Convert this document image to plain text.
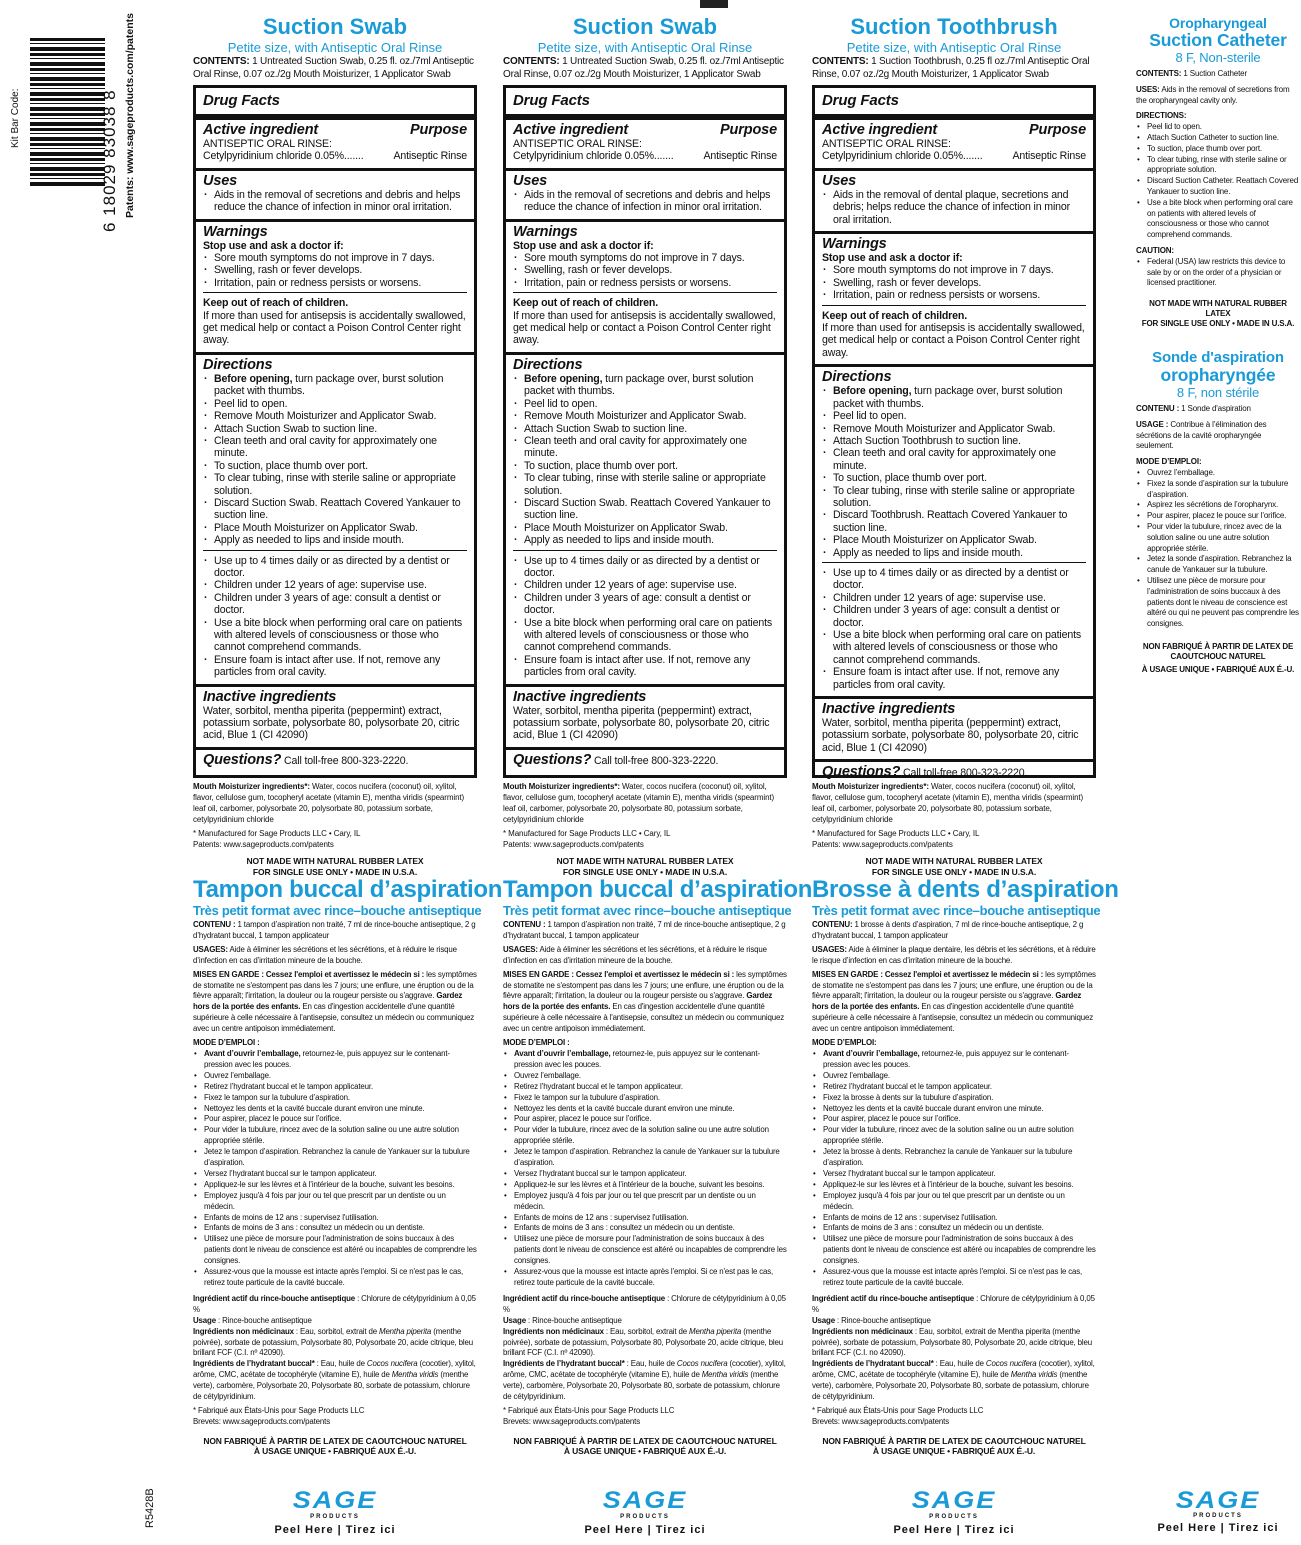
Kit Bar Code:	6 18029 83038 8 Patents: www.sageproducts.com/patents
R5428B
Suction Swab
Petite size, with Antiseptic Oral Rinse
CONTENTS: 1 Untreated Suction Swab, 0.25 fl. oz./7ml Antiseptic Oral Rinse, 0.07 oz./2g Mouth Moisturizer, 1 Applicator Swab
Drug Facts
Active ingredient	Purpose
ANTISEPTIC ORAL RINSE:
Cetylpyridinium chloride 0.05%.......	Antiseptic Rinse
Uses
· Aids in the removal of secretions and debris and helps reduce the chance of infection in minor oral irritation.
Warnings
Stop use and ask a doctor if:
· Sore mouth symptoms do not improve in 7 days.
· Swelling, rash or fever develops.
· Irritation, pain or redness persists or worsens.
Keep out of reach of children.
If more than used for antisepsis is accidentally swallowed, get medical help or contact a Poison Control Center right away.
Directions
· Before opening, turn package over, burst solution packet with thumbs.
· Peel lid to open.
· Remove Mouth Moisturizer and Applicator Swab.
· Attach Suction Swab to suction line.
· Clean teeth and oral cavity for approximately one minute.
· To suction, place thumb over port.
· To clear tubing, rinse with sterile saline or appropriate solution.
· Discard Suction Swab. Reattach Covered Yankauer to suction line.
· Place Mouth Moisturizer on Applicator Swab.
· Apply as needed to lips and inside mouth.
· Use up to 4 times daily or as directed by a dentist or doctor.
· Children under 12 years of age: supervise use.
· Children under 3 years of age: consult a dentist or doctor.
· Use a bite block when performing oral care on patients with altered levels of consciousness or those who cannot comprehend commands.
· Ensure foam is intact after use. If not, remove any particles from oral cavity.
Inactive ingredients
Water, sorbitol, mentha piperita (peppermint) extract, potassium sorbate, polysorbate 80, polysorbate 20, citric acid, Blue 1 (CI 42090)
Questions? Call toll-free 800-323-2220.
Mouth Moisturizer ingredients*: Water, cocos nucifera (coconut) oil, xylitol, flavor, cellulose gum, tocopheryl acetate (vitamin E), mentha viridis (spearmint) leaf oil, carbomer, polysorbate 20, polysorbate 80, potassium sorbate, cetylpyridinium chloride
* Manufactured for Sage Products LLC • Cary, IL
Patents: www.sageproducts.com/patents
NOT MADE WITH NATURAL RUBBER LATEX
FOR SINGLE USE ONLY • MADE IN U.S.A.
Tampon buccal d’aspiration
Très petit format avec rince–bouche antiseptique

CONTENU : 1 tampon d’aspiration non traité, 7 ml de rince-bouche antiseptique, 2 g d’hydratant buccal, 1 tampon applicateur

USAGES: Aide à éliminer les sécrétions et les sécrétions, et à réduire le risque d’infection en cas d’irritation mineure de la bouche.

MISES EN GARDE : Cessez l'emploi et avertissez le médecin si : les symptômes de stomatite ne s'estompent pas dans les 7 jours; une enflure, une éruption ou de la fièvre apparaît; l'irritation, la douleur ou la rougeur persiste ou s'aggrave. Gardez hors de la portée des enfants. En cas d'ingestion accidentelle d'une quantité supérieure à celle nécessaire à l'antisepsie, consultez un médecin ou communiquez avec un centre antipoison immédiatement.

MODE D’EMPLOI :
• Avant d’ouvrir l’emballage, retournez-le, puis appuyez sur le contenant-pression avec les pouces.
• Ouvrez l’emballage.
• Retirez l’hydratant buccal et le tampon applicateur.
• Fixez le tampon sur la tubulure d’aspiration.
• Nettoyez les dents et la cavité buccale durant environ une minute.
• Pour aspirer, placez le pouce sur l’orifice.
• Pour vider la tubulure, rincez avec de la solution saline ou une autre solution appropriée stérile.
• Jetez le tampon d’aspiration. Rebranchez la canule de Yankauer sur la tubulure d’aspiration.
• Versez l’hydratant buccal sur le tampon applicateur.
• Appliquez-le sur les lèvres et à l’intérieur de la bouche, suivant les besoins.
• Employez jusqu'à 4 fois par jour ou tel que prescrit par un dentiste ou un médecin.
• Enfants de moins de 12 ans : supervisez l'utilisation.
• Enfants de moins de 3 ans : consultez un médecin ou un dentiste.
• Utilisez une pièce de morsure pour l'administration de soins buccaux à des patients dont le niveau de conscience est altéré ou incapables de comprendre les consignes.
• Assurez-vous que la mousse est intacte après l’emploi. Si ce n'est pas le cas, retirez toute particule de la cavité buccale.
Ingrédient actif du rince-bouche antiseptique : Chlorure de cétylpyridinium à 0,05 %
Usage : Rince-bouche antiseptique
Ingrédients non médicinaux : Eau, sorbitol, extrait de Mentha piperita (menthe poivrée), sorbate de potassium, Polysorbate 80, Polysorbate 20, acide citrique, bleu brillant FCF (C.I. nº 42090).

Ingrédients de l’hydratant buccal* : Eau, huile de Cocos nucifera (cocotier), xylitol, arôme, CMC, acétate de tocophéryle (vitamine E), huile de Mentha viridis (menthe verte), carbomère, Polysorbate 20, Polysorbate 80, sorbate de potassium, chlorure de cétylpyridinium.

* Fabriqué aux États-Unis pour Sage Products LLC
Brevets: www.sageproducts.com/patents
NON FABRIQUÉ À PARTIR DE LATEX DE CAOUTCHOUC NATUREL
À USAGE UNIQUE • FABRIQUÉ AUX É.-U.
SAGE
PRODUCTS
Peel Here | Tirez ici
Suction Swab
Petite size, with Antiseptic Oral Rinse
CONTENTS: 1 Untreated Suction Swab, 0.25 fl. oz./7ml Antiseptic Oral Rinse, 0.07 oz./2g Mouth Moisturizer, 1 Applicator Swab
Drug Facts
Active ingredient	Purpose
ANTISEPTIC ORAL RINSE:
Cetylpyridinium chloride 0.05%.......	Antiseptic Rinse
Uses
· Aids in the removal of secretions and debris and helps reduce the chance of infection in minor oral irritation.
Warnings
Stop use and ask a doctor if:
· Sore mouth symptoms do not improve in 7 days.
· Swelling, rash or fever develops.
· Irritation, pain or redness persists or worsens.
Keep out of reach of children.
If more than used for antisepsis is accidentally swallowed, get medical help or contact a Poison Control Center right away.
Directions
· Before opening, turn package over, burst solution packet with thumbs.
· Peel lid to open.
· Remove Mouth Moisturizer and Applicator Swab.
· Attach Suction Swab to suction line.
· Clean teeth and oral cavity for approximately one minute.
· To suction, place thumb over port.
· To clear tubing, rinse with sterile saline or appropriate solution.
· Discard Suction Swab. Reattach Covered Yankauer to suction line.
· Place Mouth Moisturizer on Applicator Swab.
· Apply as needed to lips and inside mouth.
· Use up to 4 times daily or as directed by a dentist or doctor.
· Children under 12 years of age: supervise use.
· Children under 3 years of age: consult a dentist or doctor.
· Use a bite block when performing oral care on patients with altered levels of consciousness or those who cannot comprehend commands.
· Ensure foam is intact after use. If not, remove any particles from oral cavity.
Inactive ingredients
Water, sorbitol, mentha piperita (peppermint) extract, potassium sorbate, polysorbate 80, polysorbate 20, citric acid, Blue 1 (CI 42090)
Questions? Call toll-free 800-323-2220.
Mouth Moisturizer ingredients*: Water, cocos nucifera (coconut) oil, xylitol, flavor, cellulose gum, tocopheryl acetate (vitamin E), mentha viridis (spearmint) leaf oil, carbomer, polysorbate 20, polysorbate 80, potassium sorbate, cetylpyridinium chloride
* Manufactured for Sage Products LLC • Cary, IL
Patents: www.sageproducts.com/patents
NOT MADE WITH NATURAL RUBBER LATEX
FOR SINGLE USE ONLY • MADE IN U.S.A.
Tampon buccal d’aspiration
Très petit format avec rince–bouche antiseptique

CONTENU : 1 tampon d’aspiration non traité, 7 ml de rince-bouche antiseptique, 2 g d’hydratant buccal, 1 tampon applicateur

USAGES: Aide à éliminer les sécrétions et les sécrétions, et à réduire le risque d’infection en cas d’irritation mineure de la bouche.

MISES EN GARDE : Cessez l'emploi et avertissez le médecin si : les symptômes de stomatite ne s'estompent pas dans les 7 jours; une enflure, une éruption ou de la fièvre apparaît; l'irritation, la douleur ou la rougeur persiste ou s'aggrave. Gardez hors de la portée des enfants. En cas d'ingestion accidentelle d'une quantité supérieure à celle nécessaire à l'antisepsie, consultez un médecin ou communiquez avec un centre antipoison immédiatement.

MODE D’EMPLOI :
• Avant d’ouvrir l’emballage, retournez-le, puis appuyez sur le contenant-pression avec les pouces.
• Ouvrez l’emballage.
• Retirez l’hydratant buccal et le tampon applicateur.
• Fixez le tampon sur la tubulure d’aspiration.
• Nettoyez les dents et la cavité buccale durant environ une minute.
• Pour aspirer, placez le pouce sur l’orifice.
• Pour vider la tubulure, rincez avec de la solution saline ou une autre solution appropriée stérile.
• Jetez le tampon d’aspiration. Rebranchez la canule de Yankauer sur la tubulure d’aspiration.
• Versez l’hydratant buccal sur le tampon applicateur.
• Appliquez-le sur les lèvres et à l’intérieur de la bouche, suivant les besoins.
• Employez jusqu'à 4 fois par jour ou tel que prescrit par un dentiste ou un médecin.
• Enfants de moins de 12 ans : supervisez l'utilisation.
• Enfants de moins de 3 ans : consultez un médecin ou un dentiste.
• Utilisez une pièce de morsure pour l'administration de soins buccaux à des patients dont le niveau de conscience est altéré ou incapables de comprendre les consignes.
• Assurez-vous que la mousse est intacte après l’emploi. Si ce n'est pas le cas, retirez toute particule de la cavité buccale.
Ingrédient actif du rince-bouche antiseptique : Chlorure de cétylpyridinium à 0,05 %
Usage : Rince-bouche antiseptique
Ingrédients non médicinaux : Eau, sorbitol, extrait de Mentha piperita (menthe poivrée), sorbate de potassium, Polysorbate 80, Polysorbate 20, acide citrique, bleu brillant FCF (C.I. nº 42090).

Ingrédients de l’hydratant buccal* : Eau, huile de Cocos nucifera (cocotier), xylitol, arôme, CMC, acétate de tocophéryle (vitamine E), huile de Mentha viridis (menthe verte), carbomère, Polysorbate 20, Polysorbate 80, sorbate de potassium, chlorure de cétylpyridinium.

* Fabriqué aux États-Unis pour Sage Products LLC
Brevets: www.sageproducts.com/patents
NON FABRIQUÉ À PARTIR DE LATEX DE CAOUTCHOUC NATUREL
À USAGE UNIQUE • FABRIQUÉ AUX É.-U.
SAGE
PRODUCTS
Peel Here | Tirez ici
Suction Toothbrush
Petite size, with Antiseptic Oral Rinse
CONTENTS: 1 Suction Toothbrush, 0.25 fl oz./7ml Antiseptic Oral Rinse, 0.07 oz./2g Mouth Moisturizer, 1 Applicator Swab
Drug Facts
Active ingredient	Purpose
ANTISEPTIC ORAL RINSE:
Cetylpyridinium chloride 0.05%.......	Antiseptic Rinse
Uses
· Aids in the removal of dental plaque, secretions and debris; helps reduce the chance of infection in minor oral irritation.
Warnings
Stop use and ask a doctor if:
· Sore mouth symptoms do not improve in 7 days.
· Swelling, rash or fever develops.
· Irritation, pain or redness persists or worsens.
Keep out of reach of children.
If more than used for antisepsis is accidentally swallowed, get medical help or contact a Poison Control Center right away.
Directions
· Before opening, turn package over, burst solution packet with thumbs.
· Peel lid to open.
· Remove Mouth Moisturizer and Applicator Swab.
· Attach Suction Toothbrush to suction line.
· Clean teeth and oral cavity for approximately one minute.
· To suction, place thumb over port.
· To clear tubing, rinse with sterile saline or appropriate solution.
· Discard Toothbrush. Reattach Covered Yankauer to suction line.
· Place Mouth Moisturizer on Applicator Swab.
· Apply as needed to lips and inside mouth.
· Use up to 4 times daily or as directed by a dentist or doctor.
· Children under 12 years of age: supervise use.
· Children under 3 years of age: consult a dentist or doctor.
· Use a bite block when performing oral care on patients with altered levels of consciousness or those who cannot comprehend commands.
· Ensure foam is intact after use. If not, remove any particles from oral cavity.
Inactive ingredients
Water, sorbitol, mentha piperita (peppermint) extract, potassium sorbate, polysorbate 80, polysorbate 20, citric acid, Blue 1 (CI 42090)
Questions? Call toll-free 800-323-2220.
Mouth Moisturizer ingredients*: Water, cocos nucifera (coconut) oil, xylitol, flavor, cellulose gum, tocopheryl acetate (vitamin E), mentha viridis (spearmint) leaf oil, carbomer, polysorbate 20, polysorbate 80, potassium sorbate, cetylpyridinium chloride
* Manufactured for Sage Products LLC • Cary, IL
Patents: www.sageproducts.com/patents
NOT MADE WITH NATURAL RUBBER LATEX
FOR SINGLE USE ONLY • MADE IN U.S.A.
Brosse à dents d’aspiration
Très petit format avec rince–bouche antiseptique

CONTENU: 1 brosse à dents d’aspiration, 7 ml de rince-bouche antiseptique, 2 g d’hydratant buccal, 1 tampon applicateur

USAGES: Aide à éliminer la plaque dentaire, les débris et les sécrétions, et à réduire le risque d’infection en cas d’irritation mineure de la bouche.

MISES EN GARDE : Cessez l'emploi et avertissez le médecin si : les symptômes de stomatite ne s'estompent pas dans les 7 jours; une enflure, une éruption ou de la fièvre apparaît; l'irritation, la douleur ou la rougeur persiste ou s'aggrave. Gardez hors de la portée des enfants. En cas d'ingestion accidentelle d'une quantité supérieure à celle nécessaire à l'antisepsie, consultez un médecin ou communiquez avec un centre antipoison immédiatement.

MODE D’EMPLOI:
• Avant d’ouvrir l’emballage, retournez-le, puis appuyez sur le contenant-pression avec les pouces.
• Ouvrez l’emballage.
• Retirez l’hydratant buccal et le tampon applicateur.
• Fixez la brosse à dents sur la tubulure d’aspiration.
• Nettoyez les dents et la cavité buccale durant environ une minute.
• Pour aspirer, placez le pouce sur l’orifice.
• Pour vider la tubulure, rincez avec de la solution saline ou un autre solution appropriée stérile.
• Jetez la brosse à dents. Rebranchez la canule de Yankauer sur la tubulure d’aspiration.
• Versez l’hydratant buccal sur le tampon applicateur.
• Appliquez-le sur les lèvres et à l’intérieur de la bouche, suivant les besoins.
• Employez jusqu'à 4 fois par jour ou tel que prescrit par un dentiste ou un médecin.
• Enfants de moins de 12 ans : supervisez l'utilisation.
• Enfants de moins de 3 ans : consultez un médecin ou un dentiste.
• Utilisez une pièce de morsure pour l'administration de soins buccaux à des patients dont le niveau de conscience est altéré ou incapables de comprendre les consignes.
• Assurez-vous que la mousse est intacte après l’emploi. Si ce n'est pas le cas, retirez toute particule de la cavité buccale.
Ingrédient actif du rince-bouche antiseptique : Chlorure de cétylpyridinium à 0,05 %
Usage : Rince-bouche antiseptique
Ingrédients non médicinaux : Eau, sorbitol, extrait de Mentha piperita (menthe poivrée), sorbate de potassium, Polysorbate 80, Polysorbate 20, acide citrique, bleu brillant FCF (C.I. no 42090).

Ingrédients de l’hydratant buccal* : Eau, huile de Cocos nucifera (cocotier), xylitol, arôme, CMC, acétate de tocophéryle (vitamine E), huile de Mentha viridis (menthe verte), carbomère, Polysorbate 20, Polysorbate 80, sorbate de potassium, chlorure de cétylpyridinium.

* Fabriqué aux États-Unis pour Sage Products LLC
Brevets: www.sageproducts.com/patents
NON FABRIQUÉ À PARTIR DE LATEX DE CAOUTCHOUC NATUREL
À USAGE UNIQUE • FABRIQUÉ AUX É.-U.
SAGE
PRODUCTS
Peel Here | Tirez ici
Oropharyngeal
Suction Catheter
8 F, Non-sterile

CONTENTS: 1 Suction Catheter

USES: Aids in the removal of secretions from the oropharyngeal cavity only.

DIRECTIONS:
• Peel lid to open.
• Attach Suction Catheter to suction line.
• To suction, place thumb over port.
• To clear tubing, rinse with sterile saline or appropriate solution.
• Discard Suction Catheter. Reattach Covered Yankauer to suction line.
• Use a bite block when performing oral care on patients with altered levels of consciousness or those who cannot comprehend commands.
CAUTION:
• Federal (USA) law restricts this device to sale by or on the order of a physician or licensed practitioner.
NOT MADE WITH NATURAL RUBBER LATEX
FOR SINGLE USE ONLY • MADE IN U.S.A.
Sonde d'aspiration
oropharyngée
8 F, non stérile

CONTENU : 1 Sonde d'aspiration

USAGE : Contribue à l’élimination des sécrétions de la cavité oropharyngée seulement.

MODE D’EMPLOI:
• Ouvrez l’emballage.
• Fixez la sonde d’aspiration sur la tubulure d’aspiration.
• Aspirez les sécrétions de l’oropharynx.
• Pour aspirer, placez le pouce sur l’orifice.
• Pour vider la tubulure, rincez avec de la solution saline ou une autre solution appropriée stérile.
• Jetez la sonde d’aspiration. Rebranchez la canule de Yankauer sur la tubulure.
• Utilisez une pièce de morsure pour l’administration de soins buccaux à des patients dont le niveau de conscience est altéré ou qui ne peuvent pas comprendre les consignes.
NON FABRIQUÉ À PARTIR DE LATEX DE CAOUTCHOUC NATUREL
À USAGE UNIQUE • FABRIQUÉ AUX É.-U.
SAGE
PRODUCTS
Peel Here | Tirez ici
